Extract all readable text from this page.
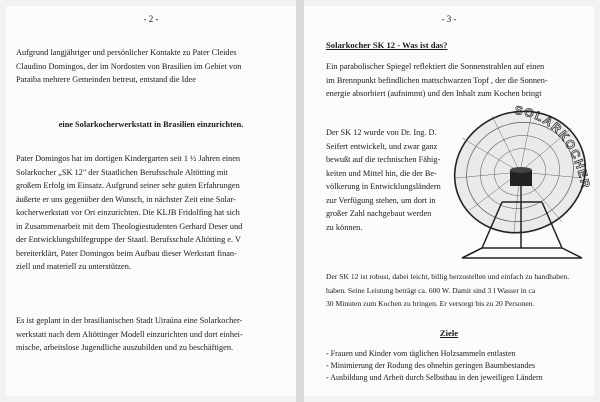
- 2 -
Aufgrund langjähriger und persönlicher Kontakte zu Pater Cleides
Claudino Domingos, der im Nordosten von Brasilien im Gebiet von
Paraiba mehrere Gemeinden betreut, entstand die Idee
eine Solarkocherwerkstatt in Brasilien einzurichten.
Pater Domingos hat im dortigen Kindergarten seit 1 ½ Jahren einen
Solarkocher „SK 12" der Staatlichen Berufsschule Altötting mit
großem Erfolg im Einsatz. Aufgrund seiner sehr guten Erfahrungen
äußerte er uns gegenüber den Wunsch, in nächster Zeit eine Solar-
kocherwerkstatt vor Ort einzurichten. Die KLJB Fridolfing hat sich
in Zusammenarbeit mit dem Theologiestudenten Gerhard Deser und
der Entwicklungshilfegruppe der Staatl. Berufsschule Altötting e. V
bereiterklärt, Pater Domingos beim Aufbau dieser Werkstatt finan-
ziell und materiell zu unterstützen.
Es ist geplant in der brasilianischen Stadt Uiraúna eine Solarkocher-
werkstatt nach dem Altöttinger Modell einzurichten und dort einhei-
mische, arbeitslose Jugendliche auszubilden und zu beschäftigen.
- 3 -
Solarkocher SK 12 - Was ist das?
Ein parabolischer Spiegel reflektiert die Sonnenstrahlen auf einen
im Brennpunkt befindlichen mattschwarzen Topf , der die Sonnen-
energie absorbiert (aufnimmt) und den Inhalt zum Kochen bringt
SOLARKOCHER
Der SK 12 wurde von Dr. Ing. D.
Seifert entwickelt, und zwar ganz
bewußt auf die technischen Fähig-
keiten und Mittel hin, die der Be-
völkerung in Entwicklungsländern
zur Verfügung stehen, um dort in
großer Zahl nachgebaut werden
zu können.
Der SK 12 ist robust, dabei leicht, billig herzustellen und einfach zu handhaben.
haben. Seine Leistung beträgt ca. 600 W. Damit sind 3 l Wasser in ca
30 Minuten zum Kochen zu bringen. Er versorgt bis zu 20 Personen.
Ziele
- Frauen und Kinder vom täglichen Holzsammeln entlasten
- Minimierung der Rodung des ohnehin geringen Baumbestandes
- Ausbildung und Arbeit durch Selbstbau in den jeweiligen Ländern
